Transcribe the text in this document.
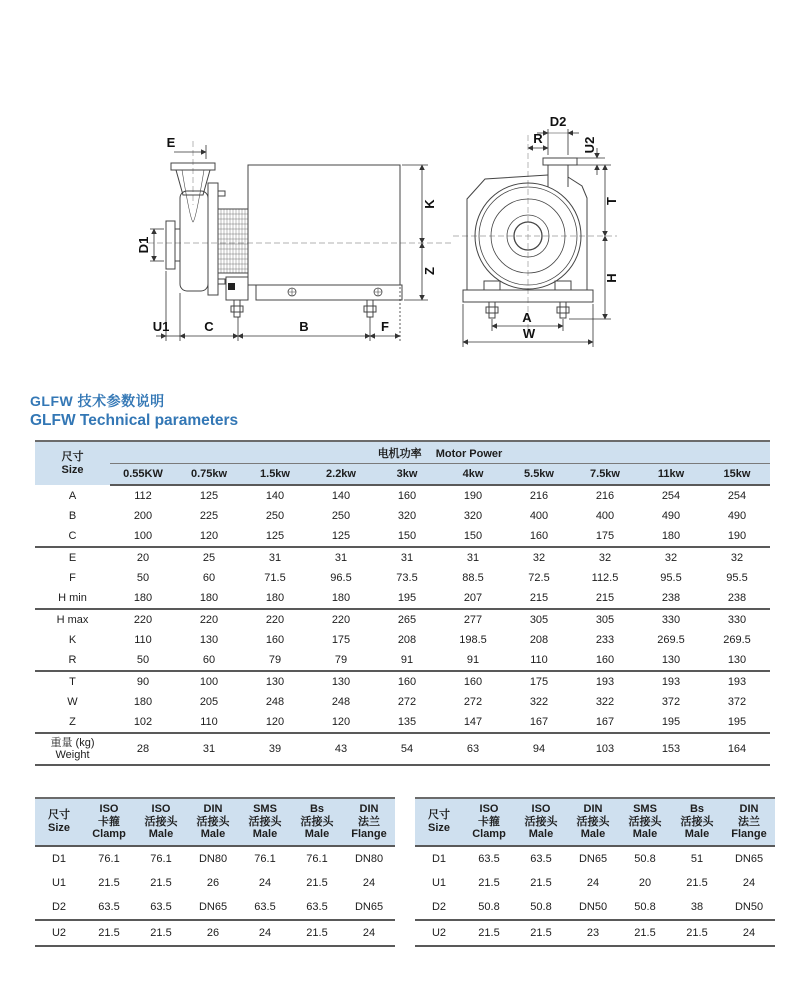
E
D1
U1	C	B	F
K
Z
D2
R	U2
T
H
A
W
GLFW 技术参数说明
GLFW Technical parameters
尺寸
Size	电机功率 Motor Power									
	0.55KW	0.75kw	1.5kw	2.2kw	3kw	4kw	5.5kw	7.5kw	11kw	15kw
A	112	125	140	140	160	190	216	216	254	254
B	200	225	250	250	320	320	400	400	490	490
C	100	120	125	125	150	150	160	175	180	190
E	20	25	31	31	31	31	32	32	32	32
F	50	60	71.5	96.5	73.5	88.5	72.5	112.5	95.5	95.5
H min	180	180	180	180	195	207	215	215	238	238
H max	220	220	220	220	265	277	305	305	330	330
K	110	130	160	175	208	198.5	208	233	269.5	269.5
R	50	60	79	79	91	91	110	160	130	130
T	90	100	130	130	160	160	175	193	193	193
W	180	205	248	248	272	272	322	322	372	372
Z	102	110	120	120	135	147	167	167	195	195

重量 (kg)
Weight	28	31	39	43	54	63	94	103	153	164
尺寸
Size

ISO
卡箍
Clamp

ISO
活接头
Male

DIN
活接头
Male

SMS
活接头
Male

Bs
活接头
Male

DIN
法兰
Flange

D1	76.1	76.1	DN80	76.1	76.1	DN80
U1	21.5	21.5	26	24	21.5	24
D2	63.5	63.5	DN65	63.5	63.5	DN65
U2	21.5	21.5	26	24	21.5	24
尺寸
Size

ISO
卡箍
Clamp

ISO
活接头
Male

DIN
活接头
Male

SMS
活接头
Male

Bs
活接头
Male

DIN
法兰
Flange

D1	63.5	63.5	DN65	50.8	51	DN65
U1	21.5	21.5	24	20	21.5	24
D2	50.8	50.8	DN50	50.8	38	DN50
U2	21.5	21.5	23	21.5	21.5	24
